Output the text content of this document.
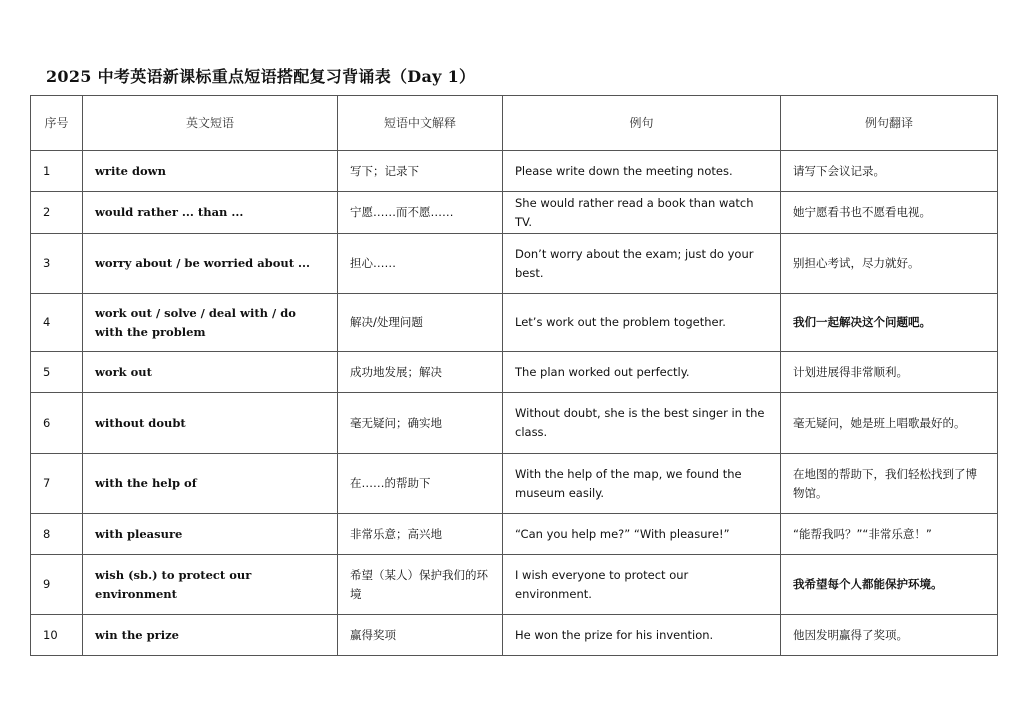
2025 中考英语新课标重点短语搭配复习背诵表（Day 1）
序号	英文短语	短语中文解释	例句	例句翻译
1	write down	写下；记录下	Please write down the meeting notes.	请写下会议记录。
2	would rather ... than ...	宁愿……而不愿……	She would rather read a book than watch TV.	她宁愿看书也不愿看电视。
3	worry about / be worried about ...	担心……	Don’t worry about the exam; just do your best.	别担心考试，尽力就好。
4	work out / solve / deal with / do with the problem	解决/处理问题	Let’s work out the problem together.	我们一起解决这个问题吧。
5	work out	成功地发展；解决	The plan worked out perfectly.	计划进展得非常顺利。
6	without doubt	毫无疑问；确实地	Without doubt, she is the best singer in the class.	毫无疑问，她是班上唱歌最好的。
7	with the help of	在……的帮助下	With the help of the map, we found the museum easily.	在地图的帮助下，我们轻松找到了博物馆。
8	with pleasure	非常乐意；高兴地	“Can you help me?” “With pleasure!”	“能帮我吗？”“非常乐意！”
9	wish (sb.) to protect our environment	希望（某人）保护我们的环境	I wish everyone to protect our environment.	我希望每个人都能保护环境。
10	win the prize	赢得奖项	He won the prize for his invention.	他因发明赢得了奖项。
